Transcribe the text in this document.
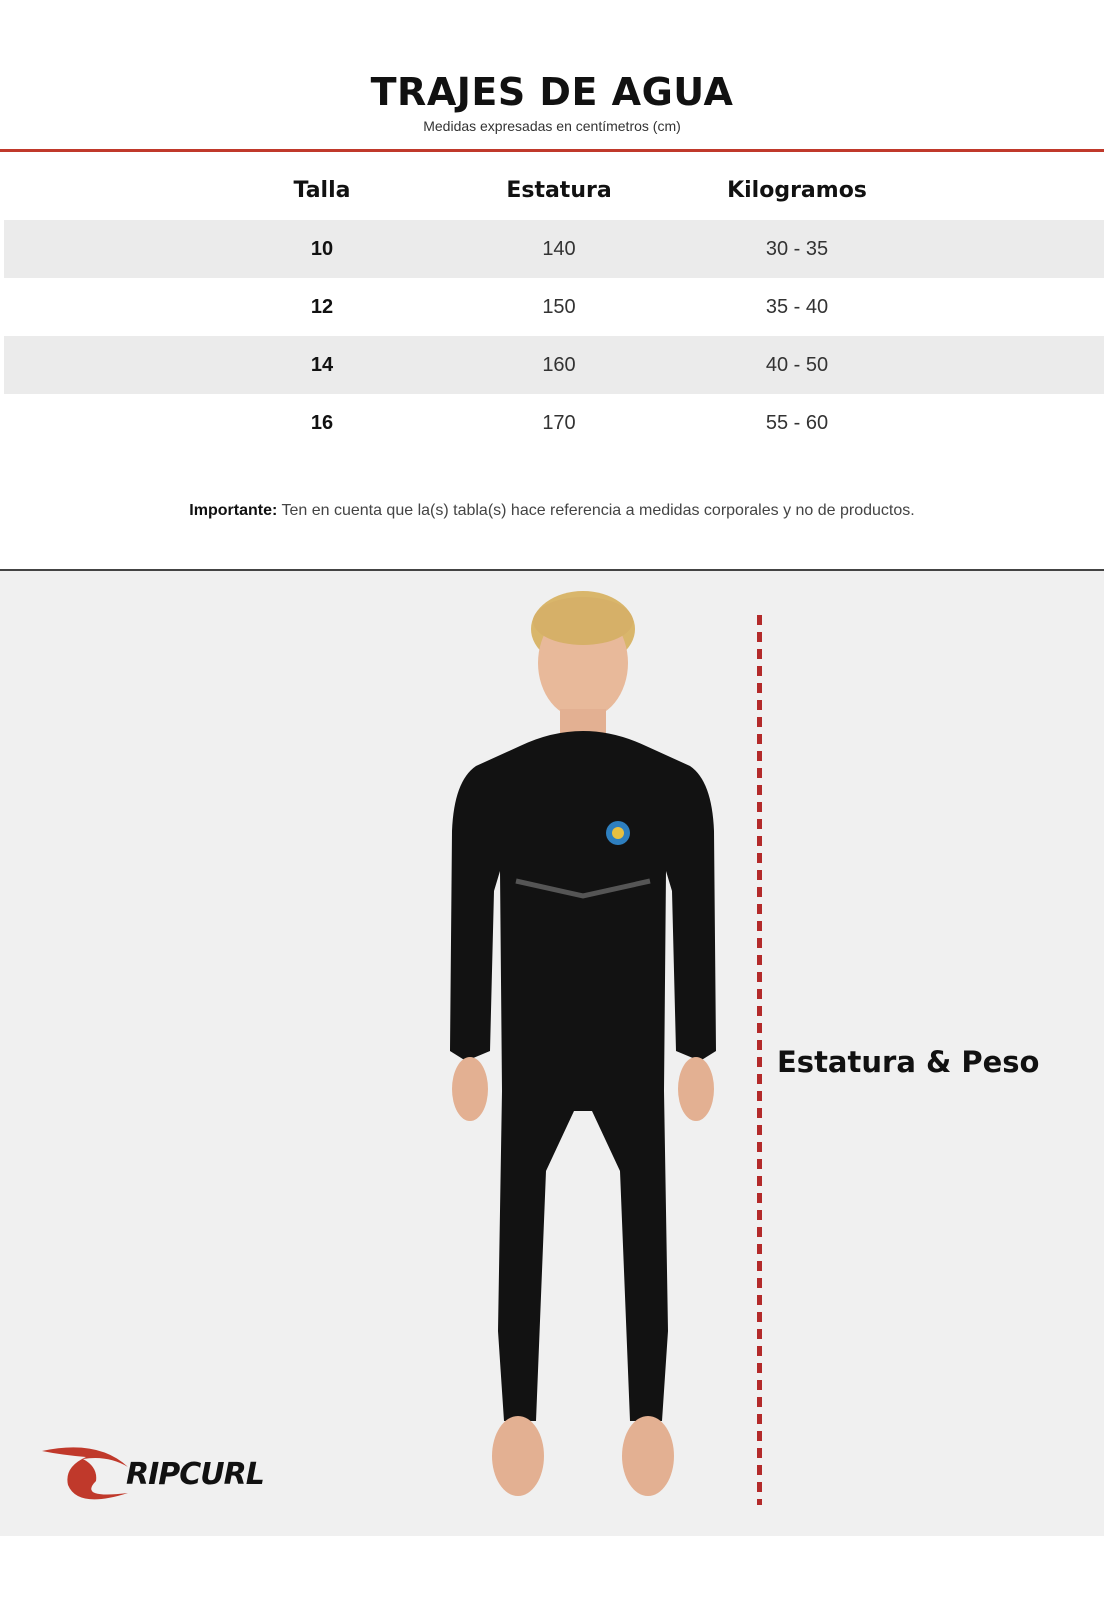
TRAJES DE AGUA
Medidas expresadas en centímetros (cm)
Talla	Estatura	Kilogramos
10	140	30 - 35
12	150	35 - 40
14	160	40 - 50
16	170	55 - 60
Importante: Ten en cuenta que la(s) tabla(s) hace referencia a medidas corporales y no de productos.
Estatura & Peso
RIPCURL
